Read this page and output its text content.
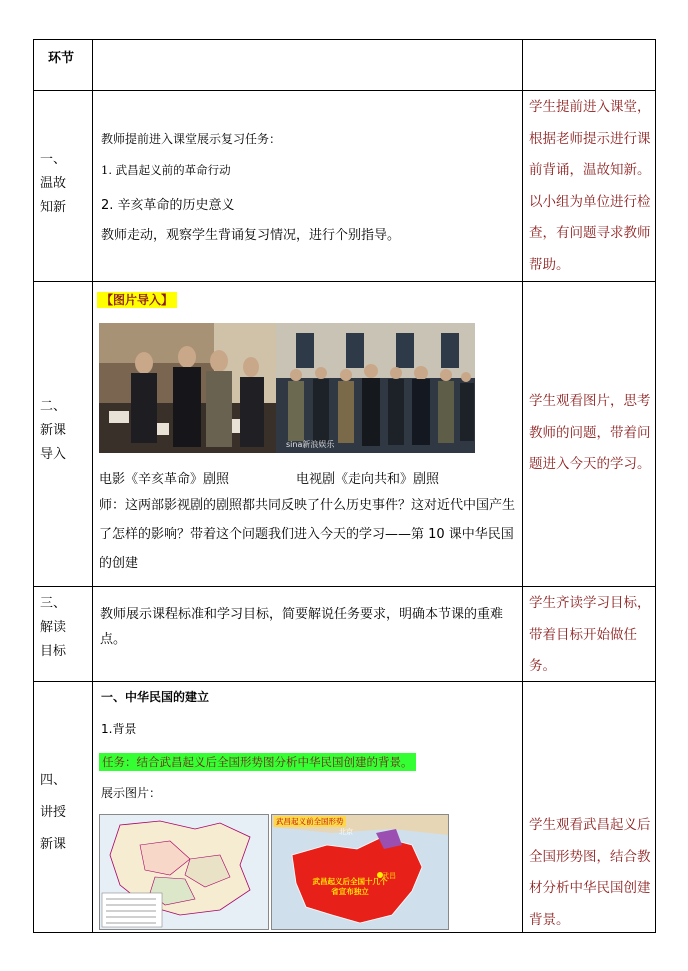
环节
一、
温故
知新
教师提前进入课堂展示复习任务：
1. 武昌起义前的革命行动
2. 辛亥革命的历史意义
教师走动，观察学生背诵复习情况，进行个别指导。
学生提前进入课堂，根据老师提示进行课前背诵，温故知新。以小组为单位进行检查，有问题寻求教师帮助。
二、
新课
导入
【图片导入】
sina新浪娱乐
电影《辛亥革命》剧照	电视剧《走向共和》剧照
师：这两部影视剧的剧照都共同反映了什么历史事件？这对近代中国产生了怎样的影响？带着这个问题我们进入今天的学习——第 10 课中华民国的创建
学生观看图片，思考教师的问题，带着问题进入今天的学习。
三、
解读
目标
教师展示课程标准和学习目标，简要解说任务要求，明确本节课的重难点。
学生齐读学习目标，带着目标开始做任务。
四、
讲授
新课
一、中华民国的建立
1.背景
任务：结合武昌起义后全国形势图分析中华民国创建的背景。
展示图片：
武昌起义前全国形势
北京
武昌
武昌起义后全国十几个省宣布独立
学生观看武昌起义后全国形势图，结合教材分析中华民国创建背景。
